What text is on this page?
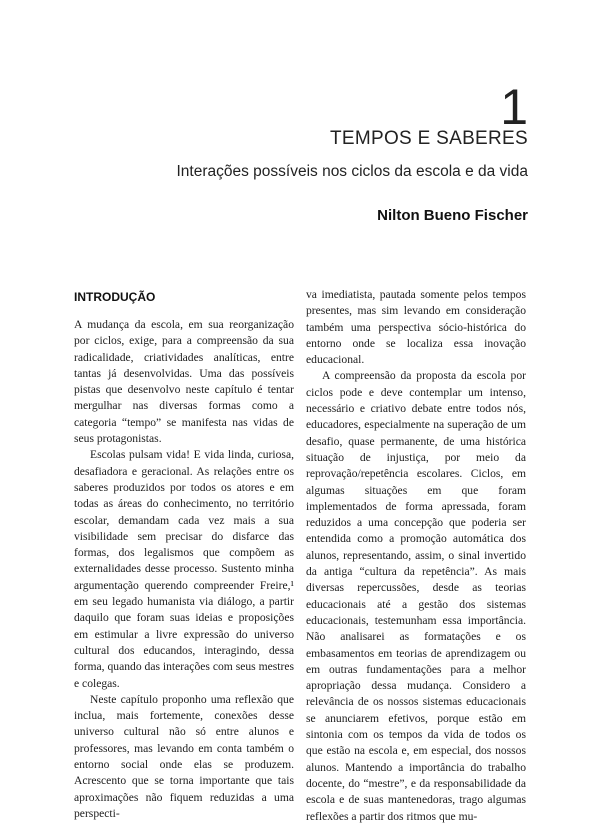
1
TEMPOS E SABERES
Interações possíveis nos ciclos da escola e da vida
Nilton Bueno Fischer
INTRODUÇÃO

A mudança da escola, em sua reorganização por ciclos, exige, para a compreensão da sua radicalidade, criatividades analíticas, entre tantas já desenvolvidas. Uma das possíveis pistas que desenvolvo neste capítulo é tentar mergulhar nas diversas formas como a categoria “tempo” se manifesta nas vidas de seus protagonistas.

Escolas pulsam vida! E vida linda, curiosa, desafiadora e geracional. As relações entre os saberes produzidos por todos os atores e em todas as áreas do conhecimento, no território escolar, demandam cada vez mais a sua visibilidade sem precisar do disfarce das formas, dos legalismos que compõem as externalidades desse processo. Sustento minha argumentação querendo compreender Freire,¹ em seu legado humanista via diálogo, a partir daquilo que foram suas ideias e proposições em estimular a livre expressão do universo cultural dos educandos, interagindo, dessa forma, quando das interações com seus mestres e colegas.

Neste capítulo proponho uma reflexão que inclua, mais fortemente, conexões desse universo cultural não só entre alunos e professores, mas levando em conta também o entorno social onde elas se produzem. Acrescento que se torna importante que tais aproximações não fiquem reduzidas a uma perspecti-

va imediatista, pautada somente pelos tempos presentes, mas sim levando em consideração também uma perspectiva sócio-histórica do entorno onde se localiza essa inovação educacional.

A compreensão da proposta da escola por ciclos pode e deve contemplar um intenso, necessário e criativo debate entre todos nós, educadores, especialmente na superação de um desafio, quase permanente, de uma histórica situação de injustiça, por meio da reprovação/repetência escolares. Ciclos, em algumas situações em que foram implementados de forma apressada, foram reduzidos a uma concepção que poderia ser entendida como a promoção automática dos alunos, representando, assim, o sinal invertido da antiga “cultura da repetência”. As mais diversas repercussões, desde as teorias educacionais até a gestão dos sistemas educacionais, testemunham essa importância. Não analisarei as formatações e os embasamentos em teorias de aprendizagem ou em outras fundamentações para a melhor apropriação dessa mudança. Considero a relevância de os nossos sistemas educacionais se anunciarem efetivos, porque estão em sintonia com os tempos da vida de todos os que estão na escola e, em especial, dos nossos alunos. Mantendo a importância do trabalho docente, do “mestre”, e da responsabilidade da escola e de suas mantenedoras, trago algumas reflexões a partir dos ritmos que mu-
